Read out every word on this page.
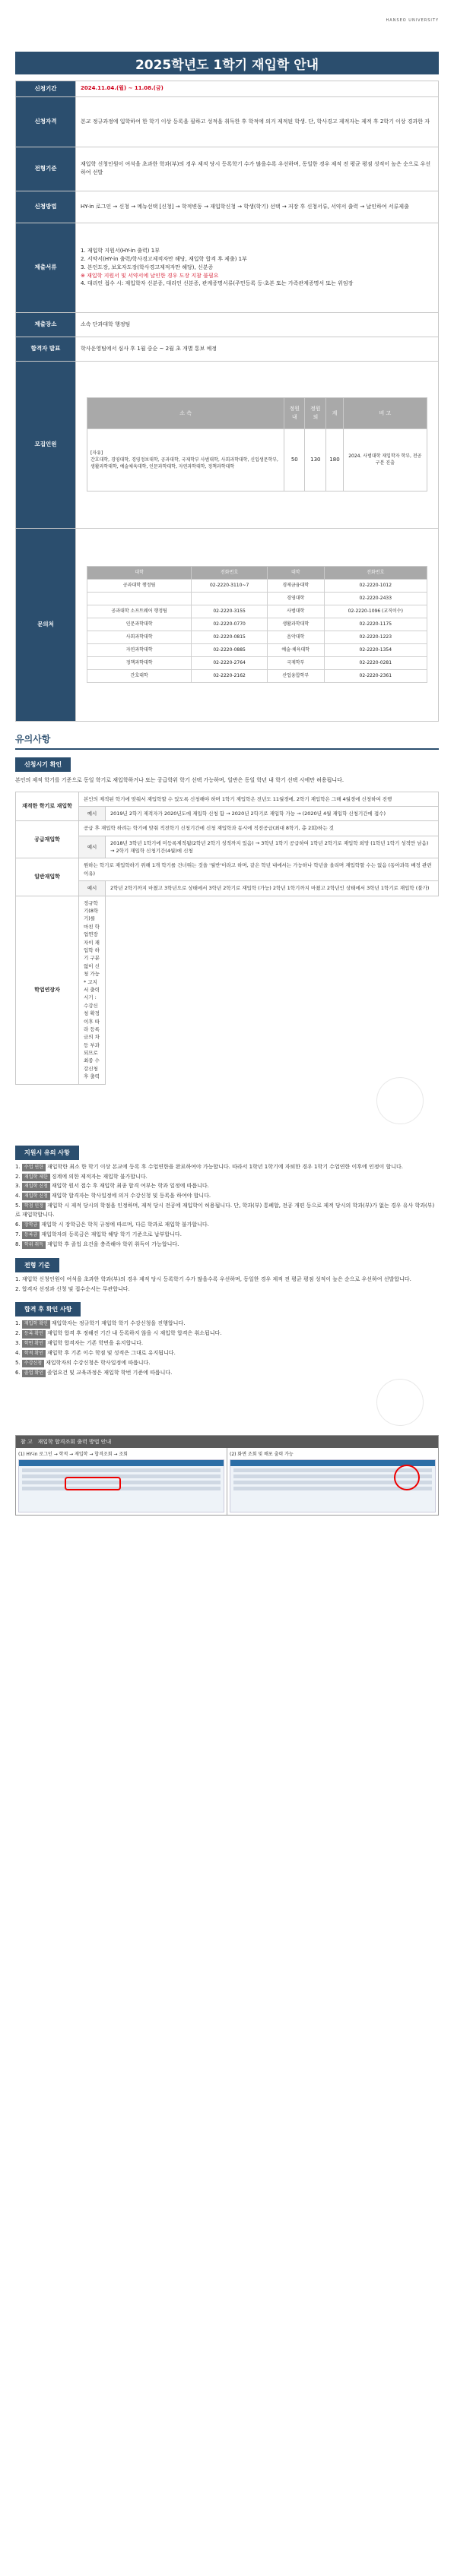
HANSEO UNIVERSITY
2025학년도 1학기 재입학 안내
신청기간	2024.11.04.(월) ~ 11.08.(금)
신청자격	본교 정규과정에 입학하여 한 학기 이상 등록을 필하고 성적을 취득한 후 학적에 의거 제적된 학생. 단, 학사경고 제적자는 제적 후 2학기 이상 경과한 자
전형기준	재입학 신청인원이 여석을 초과한 학과(부)의 경우 제적 당시 등록학기 수가 많을수록 우선하며, 동일한 경우 제적 전 평균 평점 성적이 높은 순으로 우선하여 선발
신청방법	HY-in 로그인 → 신청 → 메뉴선택 [신청] → 학적변동 → 재입학신청 → 학생(학기) 선택 → 저장 후 신청서류, 서약서 출력 → 날인하여 서류제출
제출서류	
1. 재입학 지원서(HY-in 출력) 1부
2. 서약서(HY-in 출력/학사경고제적자만 해당, 재입학 합격 후 제출) 1부
3. 본인도장, 보호자도장(학사경고제적자만 해당), 신분증
※ 재입학 지원서 및 서약서에 날인한 경우 도장 지참 불필요
4. 대리인 접수 시: 재입학자 신분증, 대리인 신분증, 관계증명서류(주민등록 등‧초본 또는 가족관계증명서 또는 위임장

제출장소	소속 단과대학 행정팀
합격자 발표	학사운영팀에서 심사 후 1월 중순 ~ 2월 초 개별 통보 예정
모집인원	
소 속	정원내	정원외	계	비 고
[자유]
간호대학, 경영대학, 경영정보대학, 공과대학, 국제학부 사범대학, 사회과학대학, 신입생문학부, 생활과학대학, 예술체육대학, 인문과학대학, 자연과학대학, 정책과학대학	50	130	180	2024. 사범대학 재입학자 학부, 전공구분 진출

문의처	
대학	전화번호	대학	전화번호
공과대학 행정팀	02-2220-3110~7	경제금융대학	02-2220-1012
		경영대학	02-2220-2433
공과대학 소프트웨어 행정팀	02-2220-3155	사범대학	02-2220-1096 (교직이수)
인문과학대학	02-2220-0770	생활과학대학	02-2220-1175
사회과학대학	02-2220-0815	음악대학	02-2220-1223
자연과학대학	02-2220-0885	예술·체육대학	02-2220-1354
정책과학대학	02-2220-2764	국제학부	02-2220-0281
간호대학	02-2220-2162	산업융합학부	02-2220-2361
유의사항
신청시기 확인
본인의 제적 학기를 기준으로 동일 학기로 재입학하거나 또는 공급학위 학기 선택 가능하며, 일반은 동일 학년 내 학기 선택 시에만 허용됩니다.
재적한 학기로 재입학	본인의 제적된 학기에 맞춰서 재입학할 수 있도록 신청해야 하며 1학기 제입학은 전년도 11월경에, 2학기 재입학은 그해 4월경에 신청하여 진행	
	예시	2019년 2학기 제적자가 2020년도에 재입학 신청 함 → 2020년 2학기로 재입학 가능 → (2020년 4월 재입학 신청기간에 접수)
공급재입학	공급 후 재입학 하려는 학기에 맞춰 직전학기 신청기간에 신청 재입학과 동시에 직전공급(최대 8학기, 총 2회)하는 것	
	예시	2018년 3학년 1학기에 미등록제적됨(2학년 2학기 성적까지 있음) → 3학년 1학기 공급하여 1학년 2학기로 재입학 희망 (1학년 1학기 성적만 남음) → 2학기 재입학 신청기간(4월)에 신청
일반재입학	원하는 학기로 재입학하기 위해 1개 학기를 건너뛰는 것을 '월반'이라고 하며, 같은 학년 내에서는 가능하나 학년을 올리며 재입학할 수는 없음 (동아과목 배정 관련 이유)	
	예시	2학년 2학기까지 마쳤고 3학년으로 상태에서 3학년 2학기로 재입학 (가능) 2학년 1학기까지 마쳤고 2학년인 상태에서 3학년 1학기로 재입학 (불가)
학업연장자	정규학기(8학기)를 마친 학업연장자이 재입학 하기 구분 없이 신청 가능 * 고지서 출력시기 : 수강신청 확정 이후 따라 등록금의 차등 부과되므로 최종 수강신청 후 출력	
지원시 유의 사항
1. 수업 연한 재입학한 최소 한 학기 이상 본교에 등록 후 수업연한을 완료하여야 가능합니다. 따라서 1학년 1학기에 자퇴한 경우 1학기 수업연한 이후에 인정이 합니다.
2. 재입학 제한 징계에 의한 제적자는 재입학 불가합니다.
3. 재입학 신청 재입학 원서 접수 후 재입학 최종 합격 여부는 학과 일정에 따릅니다.
4. 재입학 신청 재입학 합격자는 학사일정에 의거 수강신청 및 등록을 하여야 합니다.
5. 학점 인정 재입학 시 제적 당시의 학점을 인정하며, 제적 당시 전공에 재입학이 허용됩니다. 단, 학과(부) 통폐합, 전공 개편 등으로 제적 당시의 학과(부)가 없는 경우 유사 학과(부)로 재입학합니다.
6. 장학금 재입학 시 장학금은 학칙 규정에 따르며, 다른 학과로 재입학 불가합니다.
7. 등록금 재입학자의 등록금은 재입학 해당 학기 기준으로 납부합니다.
8. 학위 취득 재입학 후 졸업 요건을 충족해야 학위 취득이 가능합니다.
전형 기준
1. 재입학 신청인원이 여석을 초과한 학과(부)의 경우 제적 당시 등록학기 수가 많을수록 우선하며, 동일한 경우 제적 전 평균 평점 성적이 높은 순으로 우선하여 선발합니다.
2. 합격자 선정과 신청 및 접수순서는 무관합니다.
합격 후 확인 사항
1. 재입학 확인 재입학자는 정규학기 재입학 학기 수강신청을 진행합니다.
2. 등록 확인 재입학 합격 후 정해진 기간 내 등록하지 않을 시 재입학 합격은 취소됩니다.
3. 학번 확인 재입학 합격자는 기존 학번을 유지합니다.
4. 학적 확인 재입학 후 기존 이수 학점 및 성적은 그대로 유지됩니다.
5. 수강신청 재입학자의 수강신청은 학사일정에 따릅니다.
6. 졸업 확인 졸업요건 및 교육과정은 재입학 학번 기준에 따릅니다.
참 고 재입학 합격조회 출력 방법 안내
(1) HY-in 로그인 → 학적 → 재입학 → 합격조회 → 조회	(2) 화면 조회 및 배포 출력 가능
